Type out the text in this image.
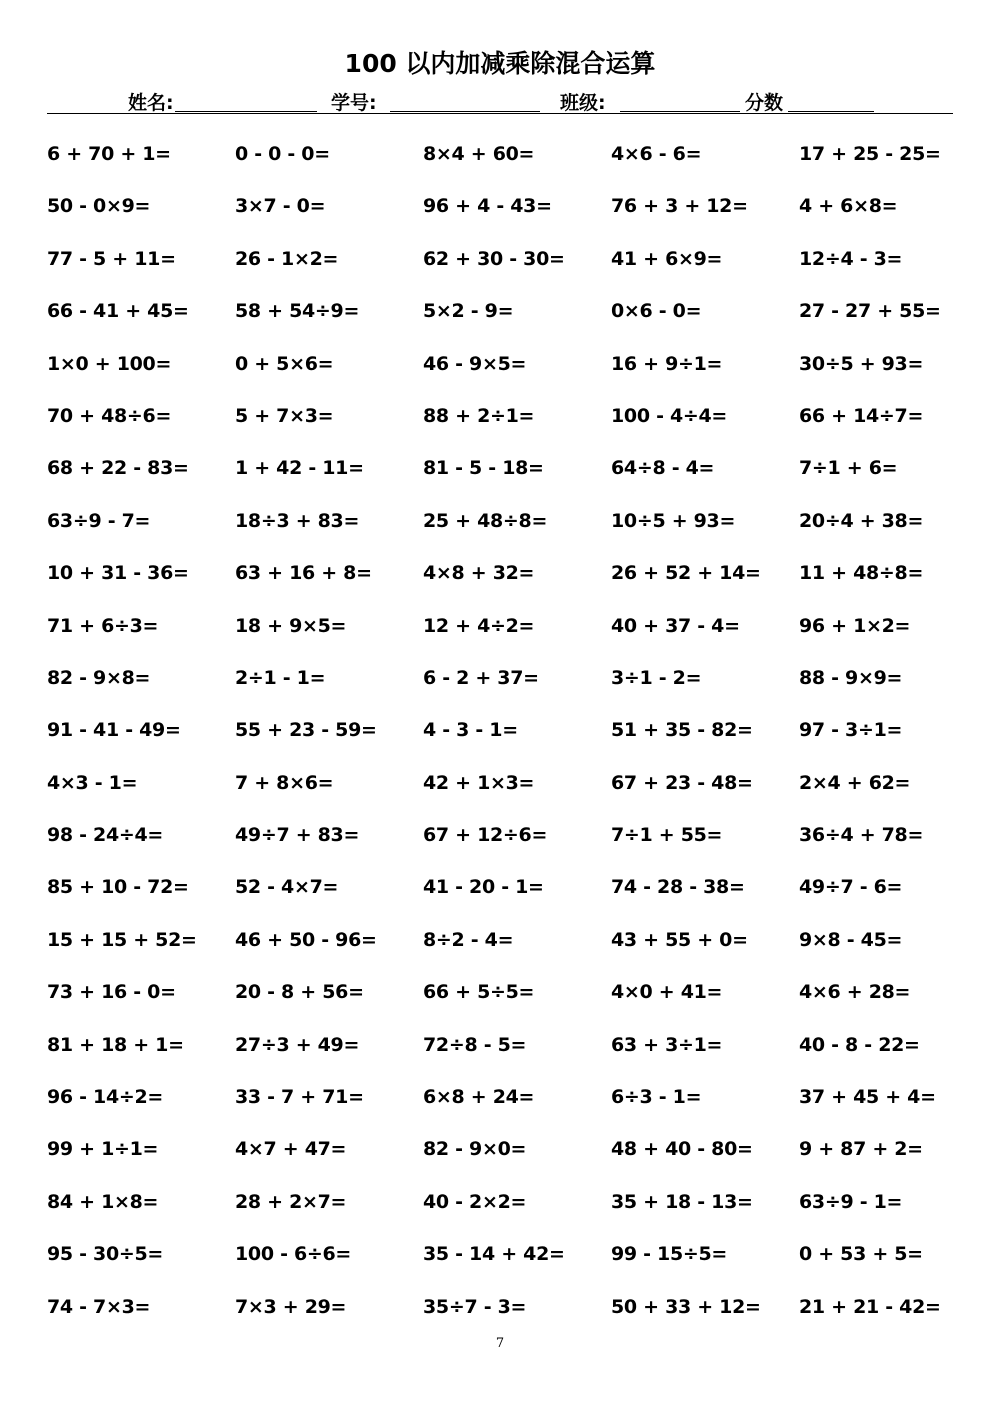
100 以内加减乘除混合运算
姓名:	学号:	班级:	分数
6 + 70 + 1=	0 - 0 - 0=	8×4 + 60=	4×6 - 6=	17 + 25 - 25=
50 - 0×9=	3×7 - 0=	96 + 4 - 43=	76 + 3 + 12=	4 + 6×8=
77 - 5 + 11=	26 - 1×2=	62 + 30 - 30=	41 + 6×9=	12÷4 - 3=
66 - 41 + 45=	58 + 54÷9=	5×2 - 9=	0×6 - 0=	27 - 27 + 55=
1×0 + 100=	0 + 5×6=	46 - 9×5=	16 + 9÷1=	30÷5 + 93=
70 + 48÷6=	5 + 7×3=	88 + 2÷1=	100 - 4÷4=	66 + 14÷7=
68 + 22 - 83=	1 + 42 - 11=	81 - 5 - 18=	64÷8 - 4=	7÷1 + 6=
63÷9 - 7=	18÷3 + 83=	25 + 48÷8=	10÷5 + 93=	20÷4 + 38=
10 + 31 - 36=	63 + 16 + 8=	4×8 + 32=	26 + 52 + 14=	11 + 48÷8=
71 + 6÷3=	18 + 9×5=	12 + 4÷2=	40 + 37 - 4=	96 + 1×2=
82 - 9×8=	2÷1 - 1=	6 - 2 + 37=	3÷1 - 2=	88 - 9×9=
91 - 41 - 49=	55 + 23 - 59=	4 - 3 - 1=	51 + 35 - 82=	97 - 3÷1=
4×3 - 1=	7 + 8×6=	42 + 1×3=	67 + 23 - 48=	2×4 + 62=
98 - 24÷4=	49÷7 + 83=	67 + 12÷6=	7÷1 + 55=	36÷4 + 78=
85 + 10 - 72=	52 - 4×7=	41 - 20 - 1=	74 - 28 - 38=	49÷7 - 6=
15 + 15 + 52=	46 + 50 - 96=	8÷2 - 4=	43 + 55 + 0=	9×8 - 45=
73 + 16 - 0=	20 - 8 + 56=	66 + 5÷5=	4×0 + 41=	4×6 + 28=
81 + 18 + 1=	27÷3 + 49=	72÷8 - 5=	63 + 3÷1=	40 - 8 - 22=
96 - 14÷2=	33 - 7 + 71=	6×8 + 24=	6÷3 - 1=	37 + 45 + 4=
99 + 1÷1=	4×7 + 47=	82 - 9×0=	48 + 40 - 80=	9 + 87 + 2=
84 + 1×8=	28 + 2×7=	40 - 2×2=	35 + 18 - 13=	63÷9 - 1=
95 - 30÷5=	100 - 6÷6=	35 - 14 + 42=	99 - 15÷5=	0 + 53 + 5=
74 - 7×3=	7×3 + 29=	35÷7 - 3=	50 + 33 + 12=	21 + 21 - 42=
7
